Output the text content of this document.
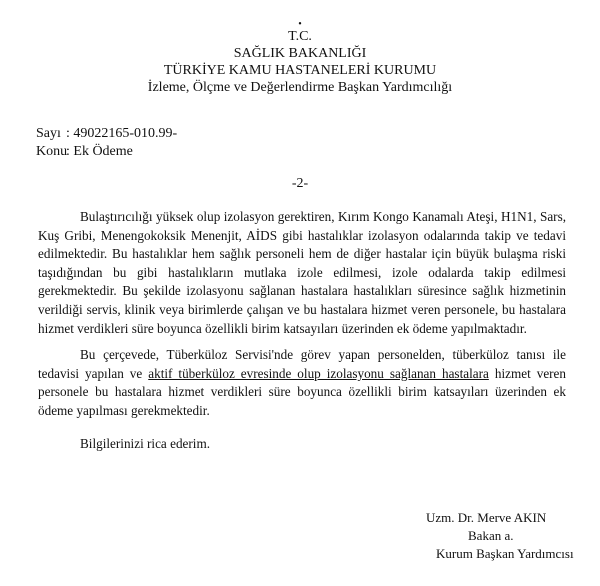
•
T.C.
SAĞLIK BAKANLIĞI
TÜRKİYE KAMU HASTANELERİ KURUMU
İzleme, Ölçme ve Değerlendirme Başkan Yardımcılığı
Sayı : 49022165-010.99-
Konu
: Ek Ödeme
-2-

Bulaştırıcılığı yüksek olup izolasyon gerektiren, Kırım Kongo Kanamalı Ateşi, H1N1, Sars, Kuş Gribi, Menengokoksik Menenjit, AİDS gibi hastalıklar izolasyon odalarında takip ve tedavi edilmektedir. Bu hastalıklar hem sağlık personeli hem de diğer hastalar için büyük bulaşma riski taşıdığından bu gibi hastalıkların mutlaka izole edilmesi, izole odalarda takip edilmesi gerekmektedir. Bu şekilde izolasyonu sağlanan hastalara hastalıkları süresince sağlık hizmetinin verildiği servis, klinik veya birimlerde çalışan ve bu hastalara hizmet veren personele, bu hastalara hizmet verdikleri süre boyunca özellikli birim katsayıları üzerinden ek ödeme yapılmaktadır.

Bu çerçevede, Tüberküloz Servisi'nde görev yapan personelden, tüberküloz tanısı ile tedavisi yapılan ve aktif tüberküloz evresinde olup izolasyonu sağlanan hastalara hizmet veren personele bu hastalara hizmet verdikleri süre boyunca özellikli birim katsayıları üzerinden ek ödeme yapılması gerekmektedir.

Bilgilerinizi rica ederim.

Uzm. Dr. Merve AKIN
Bakan a.
Kurum Başkan Yardımcısı
